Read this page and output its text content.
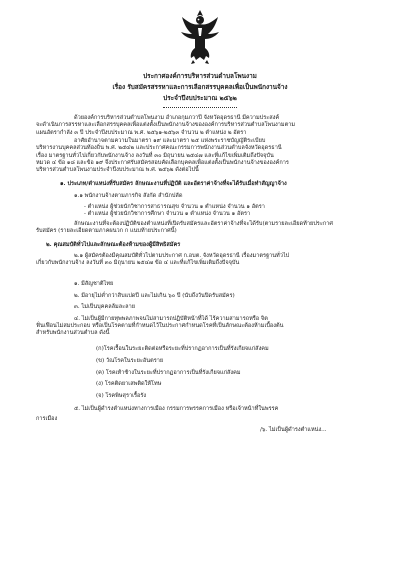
ประกาศองค์การบริหารส่วนตำบลโพนงาม
เรื่อง รับสมัครสรรหาและการเลือกสรรบุคคลเพื่อเป็นพนักงานจ้าง
ประจำปีงบประมาณ ๒๕๖๒
ด้วยองค์การบริหารส่วนตำบลโพนงาม อำเภอกุมภวาปี จังหวัดอุดรธานี มีความประสงค์
จะดำเนินการสรรหาและเลือกสรรบุคคลเพื่อแต่งตั้งเป็นพนักงานจ้างขององค์การบริหารส่วนตำบลโพนงามตาม
แผนอัตรากำลัง ๓ ปี ประจำปีงบประมาณ พ.ศ. ๒๕๖๑-๒๕๖๓ จำนวน ๒ ตำแหน่ง ๒ อัตรา
อาศัยอำนาจตามความในมาตรา ๑๙ และมาตรา ๒๕ แห่งพระราชบัญญัติระเบียบ
บริหารงานบุคคลส่วนท้องถิ่น พ.ศ. ๒๕๔๒ และประกาศคณะกรรมการพนักงานส่วนตำบลจังหวัดอุดรธานี
เรื่อง มาตรฐานทั่วไปเกี่ยวกับพนักงานจ้าง ลงวันที่ ๓๐ มิถุนายน ๒๕๔๗ และที่แก้ไขเพิ่มเติมถึงปัจจุบัน
หมวด ๔ ข้อ ๑๘ และข้อ ๑๙ จึงประกาศรับสมัครสอบคัดเลือกบุคคลเพื่อแต่งตั้งเป็นพนักงานจ้างขององค์การ
บริหารส่วนตำบลโพนงามประจำปีงบประมาณ พ.ศ. ๒๕๖๒ ดังต่อไปนี้
๑. ประเภท/ตำแหน่งที่รับสมัคร ลักษณะงานที่ปฏิบัติ และอัตราค่าจ้างที่จะได้รับเมื่อทำสัญญาจ้าง
๑.๑ พนักงานจ้างตามภารกิจ สังกัด สำนักปลัด
- ตำแหน่ง ผู้ช่วยนักวิชาการสาธารณสุข จำนวน ๑ ตำแหน่ง จำนวน ๑ อัตรา
- ตำแหน่ง ผู้ช่วยนักวิชาการศึกษา จำนวน ๑ ตำแหน่ง จำนวน ๑ อัตรา
ลักษณะงานที่จะต้องปฏิบัติของตำแหน่งที่เปิดรับสมัครและอัตราค่าจ้างที่จะได้รับ(ตามรายละเอียดท้ายประกาศ
รับสมัคร (รายละเอียดตามภาคผนวก ก แนบท้ายประกาศนี้)
๒. คุณสมบัติทั่วไปและลักษณะต้องห้ามของผู้มีสิทธิสมัคร
๒.๑ ผู้สมัครต้องมีคุณสมบัติทั่วไปตามประกาศ ก.อบต. จังหวัดอุดรธานี เรื่องมาตรฐานทั่วไป
เกี่ยวกับพนักงานจ้าง ลงวันที่ ๓๐ มิถุนายน ๒๕๔๗ ข้อ ๔ และที่แก้ไขเพิ่มเติมถึงปัจจุบัน
๑. มีสัญชาติไทย
๒. มีอายุไม่ต่ำกว่าสิบแปดปี และไม่เกิน ๖๐ ปี (นับถึงวันปิดรับสมัคร)
๓. ไม่เป็นบุคคลล้มละลาย
๔. ไม่เป็นผู้มีกายทุพพลภาพจนไม่สามารถปฏิบัติหน้าที่ได้ ไร้ความสามารถหรือ จิต
ฟั่นเฟือนไม่สมประกอบ หรือเป็นโรคตามที่กำหนดไว้ในประกาศกำหนดโรคที่เป็นลักษณะต้องห้ามเบื้องต้น
สำหรับพนักงานส่วนตำบล ดังนี้
(ก)โรคเรื้อนในระยะติดต่อหรือระยะที่ปรากฏอาการเป็นที่รังเกียจแก่สังคม
(ข) วัณโรคในระยะอันตราย
(ค) โรคเท้าช้างในระยะที่ปรากฏอาการเป็นที่รังเกียจแก่สังคม
(ง) โรคติดยาเสพติดให้โทษ
(จ) โรคพิษสุราเรื้อรัง
๕. ไม่เป็นผู้ดำรงตำแหน่งทางการเมือง กรรมการพรรคการเมือง หรือเจ้าหน้าที่ในพรรค
การเมือง
/๖. ไม่เป็นผู้ดำรงตำแหน่ง...
